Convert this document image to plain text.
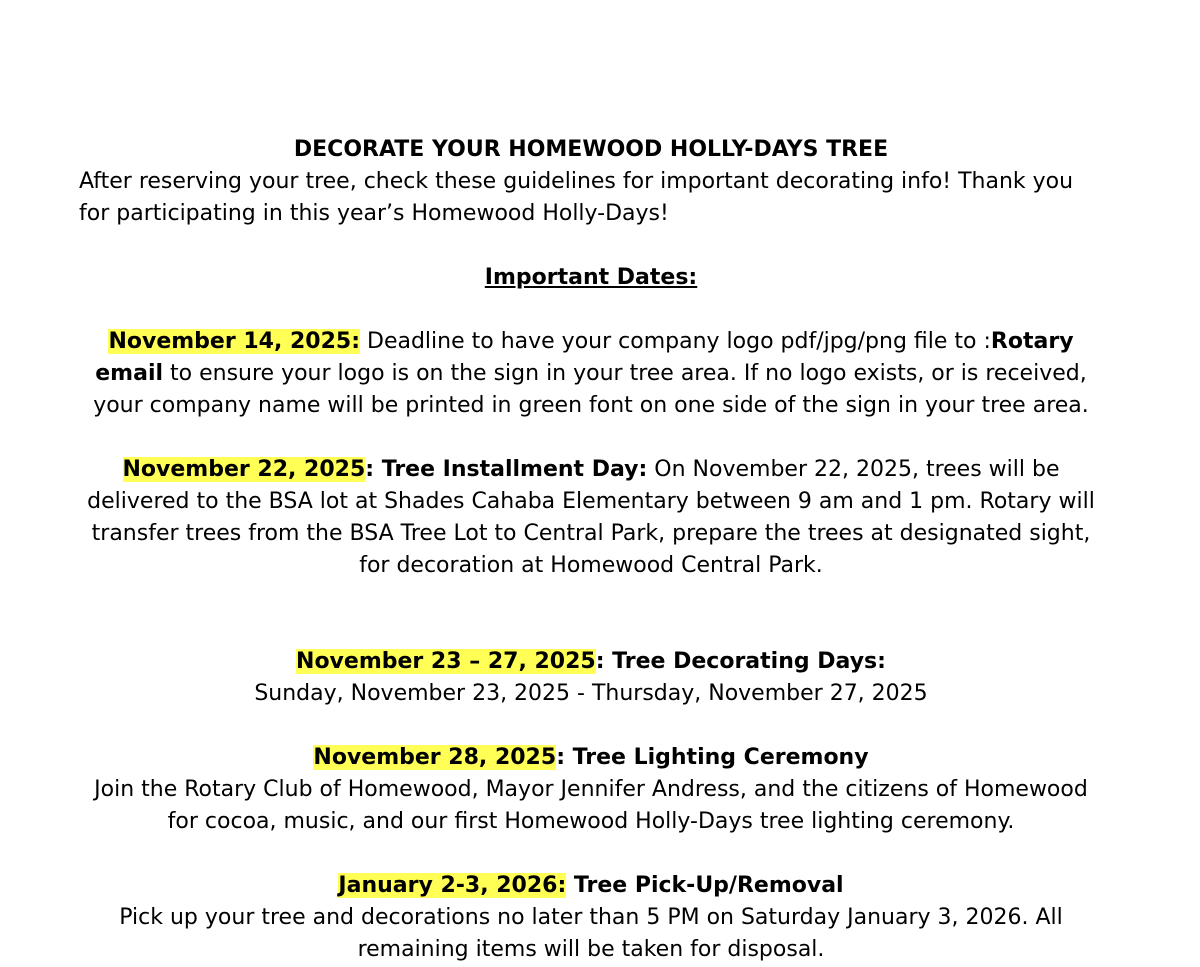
DECORATE YOUR HOMEWOOD HOLLY-DAYS TREE

After reserving your tree, check these guidelines for important decorating info! Thank you for participating in this year’s Homewood Holly-Days!

Important Dates:

November 14, 2025: Deadline to have your company logo pdf/jpg/png file to :Rotary email to ensure your logo is on the sign in your tree area. If no logo exists, or is received, your company name will be printed in green font on one side of the sign in your tree area.

November 22, 2025: Tree Installment Day: On November 22, 2025, trees will be delivered to the BSA lot at Shades Cahaba Elementary between 9 am and 1 pm. Rotary will transfer trees from the BSA Tree Lot to Central Park, prepare the trees at designated sight, for decoration at Homewood Central Park.

November 23 – 27, 2025: Tree Decorating Days:

Sunday, November 23, 2025 - Thursday, November 27, 2025

November 28, 2025: Tree Lighting Ceremony

Join the Rotary Club of Homewood, Mayor Jennifer Andress, and the citizens of Homewood for cocoa, music, and our first Homewood Holly-Days tree lighting ceremony.

January 2-3, 2026: Tree Pick-Up/Removal

Pick up your tree and decorations no later than 5 PM on Saturday January 3, 2026. All remaining items will be taken for disposal.
